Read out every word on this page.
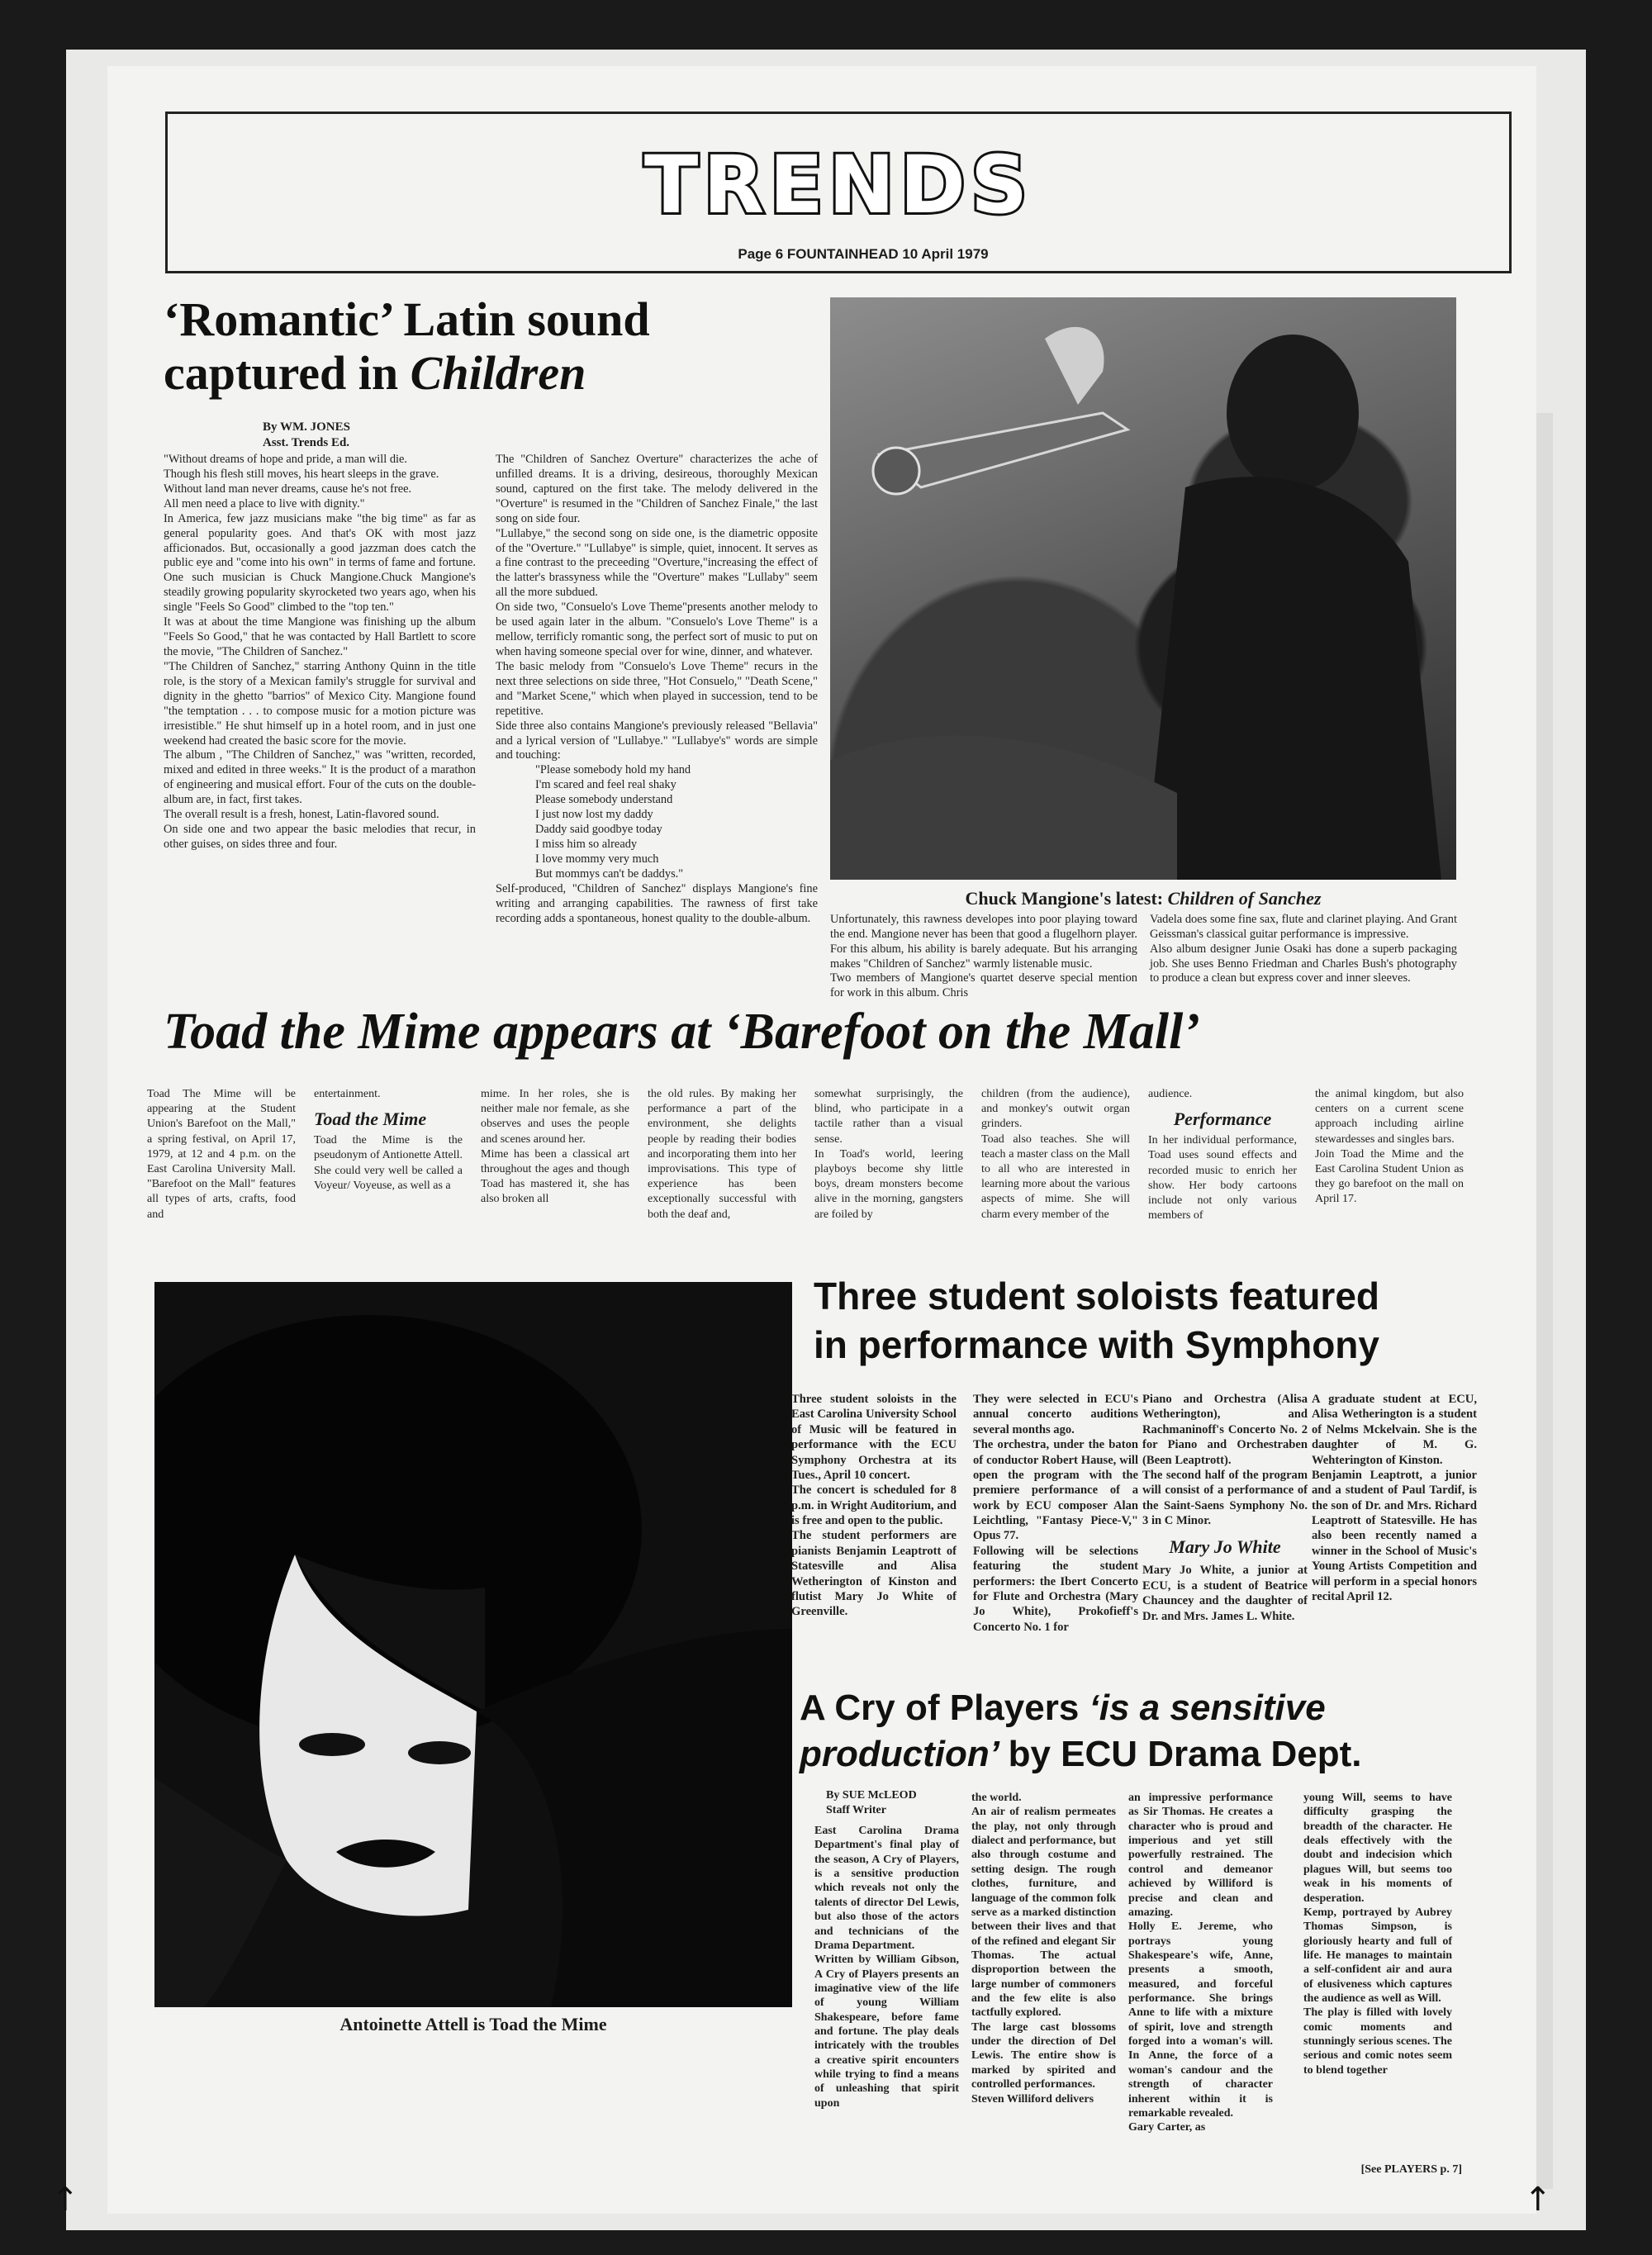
TRENDS
Page 6 FOUNTAINHEAD 10 April 1979
‘Romantic’ Latin sound
captured in Children
By WM. JONES
Asst. Trends Ed.
"Without dreams of hope and pride, a man will die.
Though his flesh still moves, his heart sleeps in the grave.
Without land man never dreams, cause he's not free.
All men need a place to live with dignity."
In America, few jazz musicians make "the big time" as far as general popularity goes. And that's OK with most jazz afficionados. But, occasionally a good jazzman does catch the public eye and "come into his own" in terms of fame and fortune. One such musician is Chuck Mangione.Chuck Mangione's steadily growing popularity skyrocketed two years ago, when his single "Feels So Good" climbed to the "top ten."
It was at about the time Mangione was finishing up the album "Feels So Good," that he was contacted by Hall Bartlett to score the movie, "The Children of Sanchez."
"The Children of Sanchez," starring Anthony Quinn in the title role, is the story of a Mexican family's struggle for survival and dignity in the ghetto "barrios" of Mexico City. Mangione found "the temptation . . . to compose music for a motion picture was irresistible." He shut himself up in a hotel room, and in just one weekend had created the basic score for the movie.
The album , "The Children of Sanchez," was "written, recorded, mixed and edited in three weeks." It is the product of a marathon of engineering and musical effort. Four of the cuts on the double-album are, in fact, first takes.
The overall result is a fresh, honest, Latin-flavored sound.
On side one and two appear the basic melodies that recur, in other guises, on sides three and four.
The "Children of Sanchez Overture" characterizes the ache of unfilled dreams. It is a driving, desireous, thoroughly Mexican sound, captured on the first take. The melody delivered in the "Overture" is resumed in the "Children of Sanchez Finale," the last song on side four.
"Lullabye," the second song on side one, is the diametric opposite of the "Overture." "Lullabye" is simple, quiet, innocent. It serves as a fine contrast to the preceeding "Overture,"increasing the effect of the latter's brassyness while the "Overture" makes "Lullaby" seem all the more subdued.
On side two, "Consuelo's Love Theme"presents another melody to be used again later in the album. "Consuelo's Love Theme" is a mellow, terrificly romantic song, the perfect sort of music to put on when having someone special over for wine, dinner, and whatever.
The basic melody from "Consuelo's Love Theme" recurs in the next three selections on side three, "Hot Consuelo," "Death Scene," and "Market Scene," which when played in succession, tend to be repetitive.
Side three also contains Mangione's previously released "Bellavia" and a lyrical version of "Lullabye." "Lullabye's" words are simple and touching:
"Please somebody hold my hand
I'm scared and feel real shaky
Please somebody understand
I just now lost my daddy
Daddy said goodbye today
I miss him so already
I love mommy very much
But mommys can't be daddys."
Self-produced, "Children of Sanchez" displays Mangione's fine writing and arranging capabilities. The rawness of first take recording adds a spontaneous, honest quality to the double-album.
Chuck Mangione's latest: Children of Sanchez
Unfortunately, this rawness developes into poor playing toward the end. Mangione never has been that good a flugelhorn player. For this album, his ability is barely adequate. But his arranging makes "Children of Sanchez" warmly listenable music.
Two members of Mangione's quartet deserve special mention for work in this album. Chris
Vadela does some fine sax, flute and clarinet playing. And Grant Geissman's classical guitar performance is impressive.
Also album designer Junie Osaki has done a superb packaging job. She uses Benno Friedman and Charles Bush's photography to produce a clean but express cover and inner sleeves.
Toad the Mime appears at ‘Barefoot on the Mall’
Toad The Mime will be appearing at the Student Union's Barefoot on the Mall," a spring festival, on April 17, 1979, at 12 and 4 p.m. on the East Carolina University Mall. "Barefoot on the Mall" features all types of arts, crafts, food and
entertainment.
Toad the Mime
Toad the Mime is the pseudonym of Antionette Attell. She could very well be called a Voyeur/ Voyeuse, as well as a
mime. In her roles, she is neither male nor female, as she observes and uses the people and scenes around her.
Mime has been a classical art throughout the ages and though Toad has mastered it, she has also broken all
the old rules. By making her performance a part of the environment, she delights people by reading their bodies and incorporating them into her improvisations. This type of experience has been exceptionally successful with both the deaf and,
somewhat surprisingly, the blind, who participate in a tactile rather than a visual sense.
In Toad's world, leering playboys become shy little boys, dream monsters become alive in the morning, gangsters are foiled by
children (from the audience), and monkey's outwit organ grinders.
Toad also teaches. She will teach a master class on the Mall to all who are interested in learning more about the various aspects of mime. She will charm every member of the
audience.
Performance
In her individual performance, Toad uses sound effects and recorded music to enrich her show. Her body cartoons include not only various members of
the animal kingdom, but also centers on a current scene approach including airline stewardesses and singles bars.
Join Toad the Mime and the East Carolina Student Union as they go barefoot on the mall on April 17.
Antoinette Attell is Toad the Mime
Three student soloists featured
in performance with Symphony
Three student soloists in the East Carolina University School of Music will be featured in performance with the ECU Symphony Orchestra at its Tues., April 10 concert.
The concert is scheduled for 8 p.m. in Wright Auditorium, and is free and open to the public.
The student performers are pianists Benjamin Leaptrott of Statesville and Alisa Wetherington of Kinston and flutist Mary Jo White of Greenville.
They were selected in ECU's annual concerto auditions several months ago.
The orchestra, under the baton of conductor Robert Hause, will open the program with the premiere performance of a work by ECU composer Alan Leichtling, "Fantasy Piece-V," Opus 77.
Following will be selections featuring the student performers: the Ibert Concerto for Flute and Orchestra (Mary Jo White), Prokofieff's Concerto No. 1 for
Piano and Orchestra (Alisa Wetherington), and Rachmaninoff's Concerto No. 2 for Piano and Orchestraben (Been Leaptrott).
The second half of the program will consist of a performance of the Saint-Saens Symphony No. 3 in C Minor.
Mary Jo White
Mary Jo White, a junior at ECU, is a student of Beatrice Chauncey and the daughter of Dr. and Mrs. James L. White.
A graduate student at ECU, Alisa Wetherington is a student of Nelms Mckelvain. She is the daughter of M. G. Wehterington of Kinston.
Benjamin Leaptrott, a junior and a student of Paul Tardif, is the son of Dr. and Mrs. Richard Leaptrott of Statesville. He has also been recently named a winner in the School of Music's Young Artists Competition and will perform in a special honors recital April 12.
A Cry of Players ‘is a sensitive
production’ by ECU Drama Dept.
By SUE McLEOD
Staff Writer
East Carolina Drama Department's final play of the season, A Cry of Players, is a sensitive production which reveals not only the talents of director Del Lewis, but also those of the actors and technicians of the Drama Department.
Written by William Gibson, A Cry of Players presents an imaginative view of the life of young William Shakespeare, before fame and fortune. The play deals intricately with the troubles a creative spirit encounters while trying to find a means of unleashing that spirit upon
the world.
An air of realism permeates the play, not only through dialect and performance, but also through costume and setting design. The rough clothes, furniture, and language of the common folk serve as a marked distinction between their lives and that of the refined and elegant Sir Thomas. The actual disproportion between the large number of commoners and the few elite is also tactfully explored.
The large cast blossoms under the direction of Del Lewis. The entire show is marked by spirited and controlled performances.
Steven Williford delivers
an impressive performance as Sir Thomas. He creates a character who is proud and imperious and yet still powerfully restrained. The control and demeanor achieved by Williford is precise and clean and amazing.
Holly E. Jereme, who portrays young Shakespeare's wife, Anne, presents a smooth, measured, and forceful performance. She brings Anne to life with a mixture of spirit, love and strength forged into a woman's will. In Anne, the force of a woman's candour and the strength of character inherent within it is remarkable revealed.
Gary Carter, as
young Will, seems to have difficulty grasping the breadth of the character. He deals effectively with the doubt and indecision which plagues Will, but seems too weak in his moments of desperation.
Kemp, portrayed by Aubrey Thomas Simpson, is gloriously hearty and full of life. He manages to maintain a self-confident air and aura of elusiveness which captures the audience as well as Will.
The play is filled with lovely comic moments and stunningly serious scenes. The serious and comic notes seem to blend together
[See PLAYERS p. 7]
↑	↑
